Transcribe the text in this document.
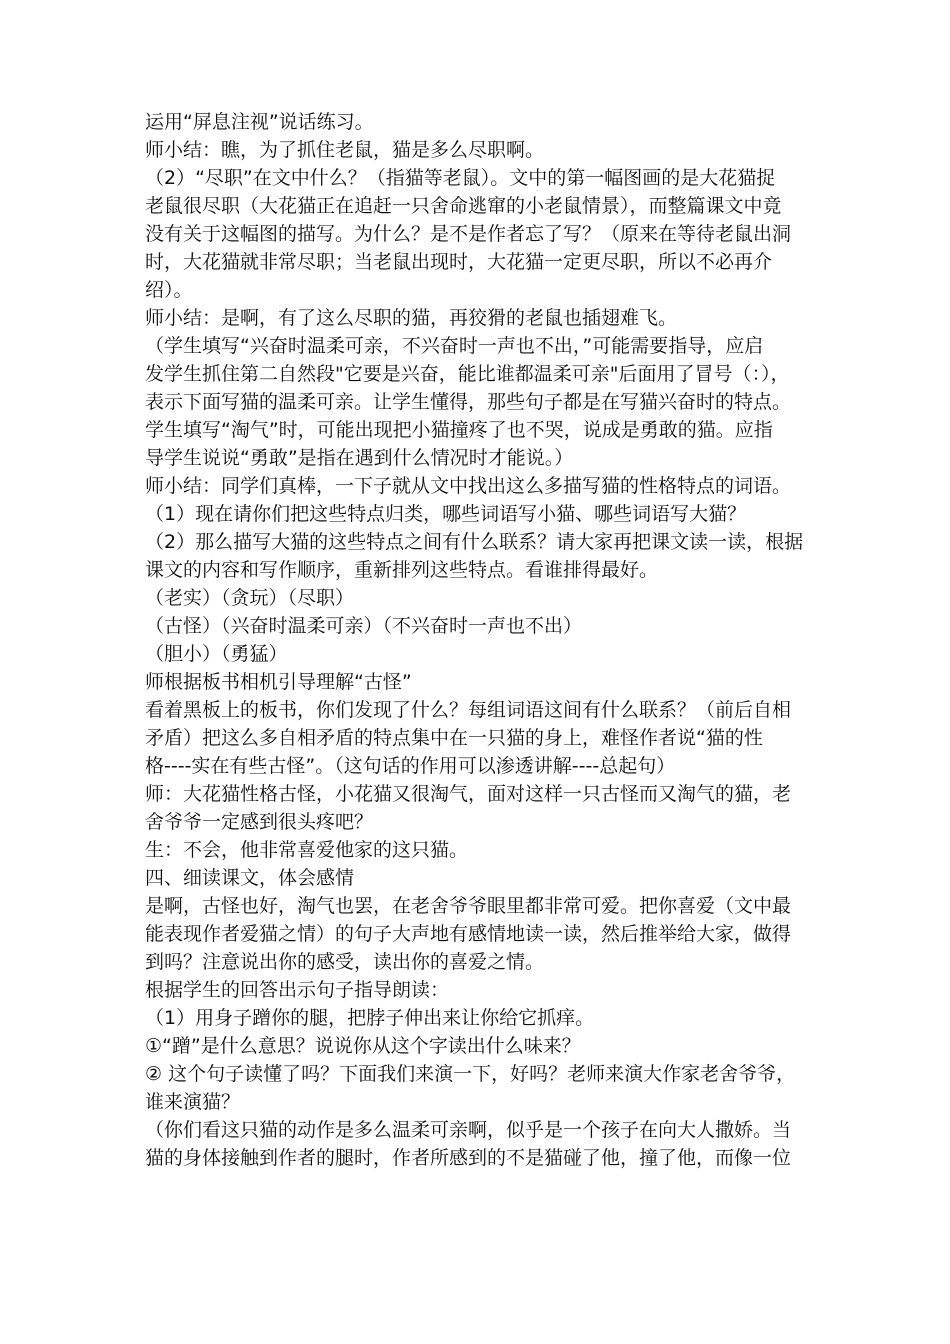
运用“屏息注视”说话练习。
师小结：瞧，为了抓住老鼠，猫是多么尽职啊。
（2）“尽职”在文中什么？（指猫等老鼠）。文中的第一幅图画的是大花猫捉
老鼠很尽职（大花猫正在追赶一只舍命逃窜的小老鼠情景），而整篇课文中竟
没有关于这幅图的描写。为什么？是不是作者忘了写？（原来在等待老鼠出洞
时，大花猫就非常尽职；当老鼠出现时，大花猫一定更尽职，所以不必再介
绍）。
师小结：是啊，有了这么尽职的猫，再狡猾的老鼠也插翅难飞。
（学生填写“兴奋时温柔可亲，不兴奋时一声也不出，”可能需要指导，应启
发学生抓住第二自然段"它要是兴奋，能比谁都温柔可亲"后面用了冒号（：），
表示下面写猫的温柔可亲。让学生懂得，那些句子都是在写猫兴奋时的特点。
学生填写“淘气”时，可能出现把小猫撞疼了也不哭，说成是勇敢的猫。应指
导学生说说“勇敢”是指在遇到什么情况时才能说。）
师小结：同学们真棒，一下子就从文中找出这么多描写猫的性格特点的词语。
（1）现在请你们把这些特点归类，哪些词语写小猫、哪些词语写大猫？
（2）那么描写大猫的这些特点之间有什么联系？请大家再把课文读一读，根据
课文的内容和写作顺序，重新排列这些特点。看谁排得最好。
（老实）（贪玩）（尽职）
（古怪）（兴奋时温柔可亲）（不兴奋时一声也不出）
（胆小）（勇猛）
师根据板书相机引导理解“古怪”
看着黑板上的板书，你们发现了什么？每组词语这间有什么联系？（前后自相
矛盾）把这么多自相矛盾的特点集中在一只猫的身上，难怪作者说“猫的性
格----实在有些古怪”。（这句话的作用可以渗透讲解----总起句）
师：大花猫性格古怪，小花猫又很淘气，面对这样一只古怪而又淘气的猫，老
舍爷爷一定感到很头疼吧？
生：不会，他非常喜爱他家的这只猫。
四、细读课文，体会感情
是啊，古怪也好，淘气也罢，在老舍爷爷眼里都非常可爱。把你喜爱（文中最
能表现作者爱猫之情）的句子大声地有感情地读一读，然后推举给大家，做得
到吗？注意说出你的感受，读出你的喜爱之情。
根据学生的回答出示句子指导朗读：
（1）用身子蹭你的腿，把脖子伸出来让你给它抓痒。
①“蹭”是什么意思？说说你从这个字读出什么味来？
② 这个句子读懂了吗？下面我们来演一下，好吗？老师来演大作家老舍爷爷，
谁来演猫？
（你们看这只猫的动作是多么温柔可亲啊，似乎是一个孩子在向大人撒娇。当
猫的身体接触到作者的腿时，作者所感到的不是猫碰了他，撞了他，而像一位
